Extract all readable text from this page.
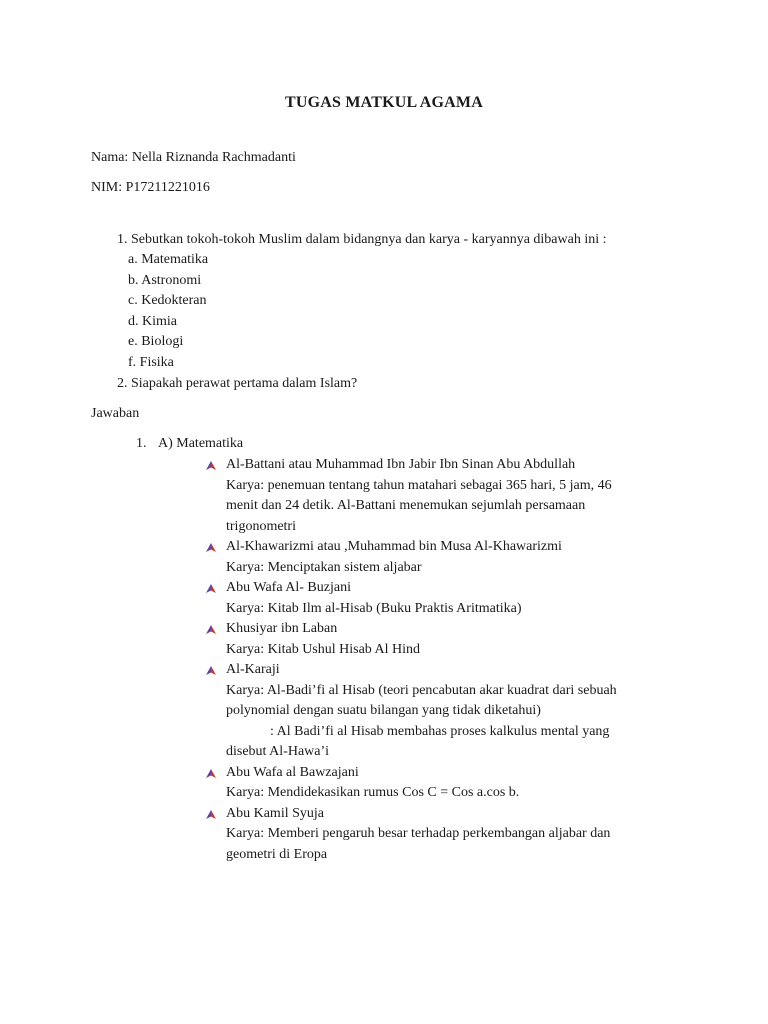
TUGAS MATKUL AGAMA
Nama: Nella Riznanda Rachmadanti
NIM: P17211221016
1. Sebutkan tokoh-tokoh Muslim dalam bidangnya dan karya - karyannya dibawah ini :
a. Matematika
b. Astronomi
c. Kedokteran
d. Kimia
e. Biologi
f. Fisika
2. Siapakah perawat pertama dalam Islam?
Jawaban
1. A) Matematika
Al-Battani atau Muhammad Ibn Jabir Ibn Sinan Abu Abdullah
Karya: penemuan tentang tahun matahari sebagai 365 hari, 5 jam, 46
menit dan 24 detik. Al-Battani menemukan sejumlah persamaan
trigonometri
Al-Khawarizmi atau ,Muhammad bin Musa Al-Khawarizmi
Karya: Menciptakan sistem aljabar
Abu Wafa Al- Buzjani
Karya: Kitab Ilm al-Hisab (Buku Praktis Aritmatika)
Khusiyar ibn Laban
Karya: Kitab Ushul Hisab Al Hind
Al-Karaji
Karya: Al-Badi’fi al Hisab (teori pencabutan akar kuadrat dari sebuah
polynomial dengan suatu bilangan yang tidak diketahui)
: Al Badi’fi al Hisab membahas proses kalkulus mental yang
disebut Al-Hawa’i
Abu Wafa al Bawzajani
Karya: Mendidekasikan rumus Cos C = Cos a.cos b.
Abu Kamil Syuja
Karya: Memberi pengaruh besar terhadap perkembangan aljabar dan
geometri di Eropa
